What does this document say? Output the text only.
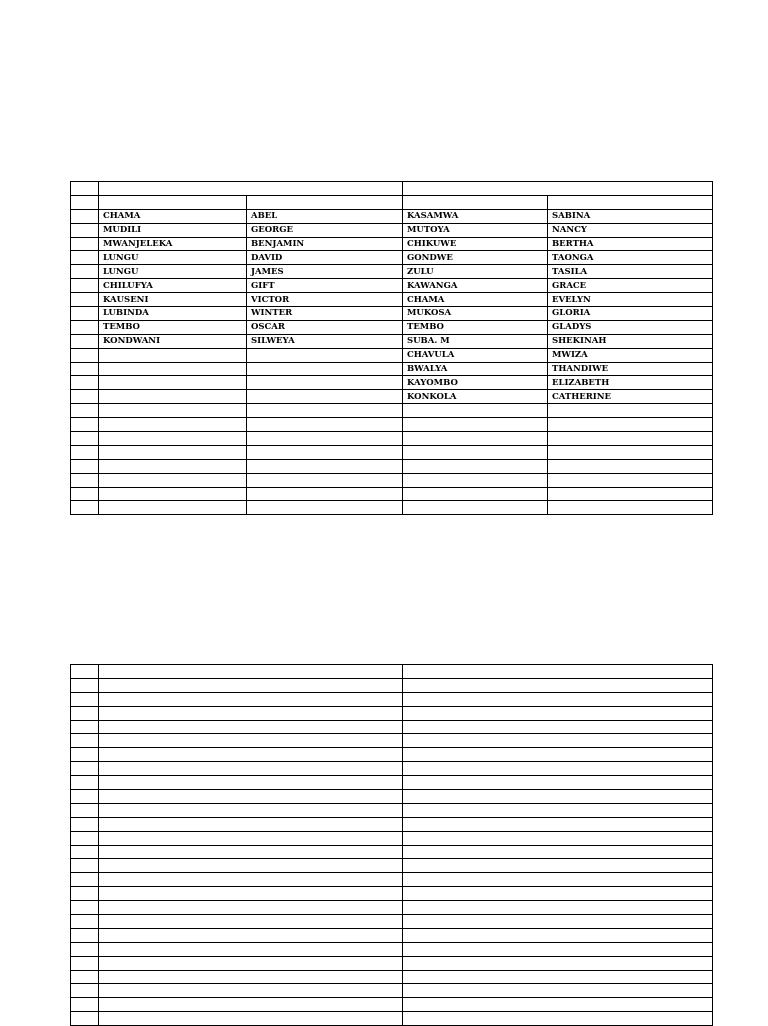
	CHAMA	ABEL	KASAMWA	SABINA
	MUDILI	GEORGE	MUTOYA	NANCY
	MWANJELEKA	BENJAMIN	CHIKUWE	BERTHA
	LUNGU	DAVID	GONDWE	TAONGA
	LUNGU	JAMES	ZULU	TASILA
	CHILUFYA	GIFT	KAWANGA	GRACE
	KAUSENI	VICTOR	CHAMA	EVELYN
	LUBINDA	WINTER	MUKOSA	GLORIA
	TEMBO	OSCAR	TEMBO	GLADYS
	KONDWANI	SILWEYA	SUBA. M	SHEKINAH
			CHAVULA	MWIZA
			BWALYA	THANDIWE
			KAYOMBO	ELIZABETH
			KONKOLA	CATHERINE
